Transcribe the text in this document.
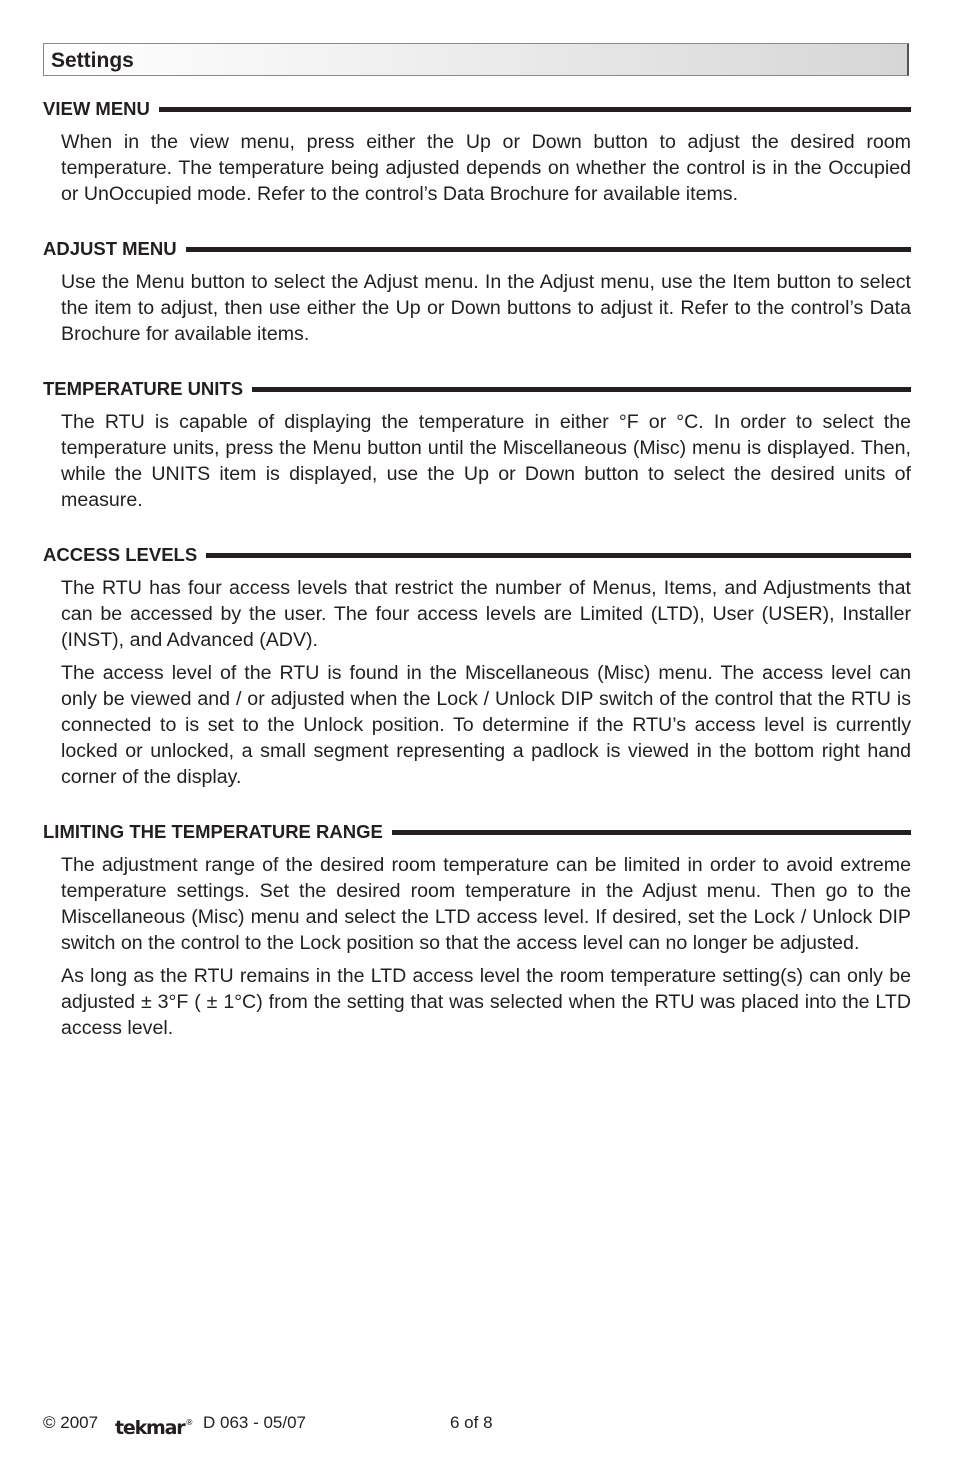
Settings
VIEW MENU

When in the view menu, press either the Up or Down button to adjust the desired room temperature. The temperature being adjusted depends on whether the control is in the Occupied or UnOccupied mode. Refer to the control’s Data Brochure for available items.

ADJUST MENU

Use the Menu button to select the Adjust menu. In the Adjust menu, use the Item button to select the item to adjust, then use either the Up or Down buttons to adjust it. Refer to the control’s Data Brochure for available items.

TEMPERATURE UNITS

The RTU is capable of displaying the temperature in either °F or °C. In order to select the temperature units, press the Menu button until the Miscellaneous (Misc) menu is displayed. Then, while the UNITS item is displayed, use the Up or Down button to select the desired units of measure.

ACCESS LEVELS

The RTU has four access levels that restrict the number of Menus, Items, and Adjustments that can be accessed by the user. The four access levels are Limited (LTD), User (USER), Installer (INST), and Advanced (ADV).

The access level of the RTU is found in the Miscellaneous (Misc) menu. The access level can only be viewed and / or adjusted when the Lock / Unlock DIP switch of the control that the RTU is connected to is set to the Unlock position. To determine if the RTU’s access level is currently locked or unlocked, a small segment representing a padlock is viewed in the bottom right hand corner of the display.

LIMITING THE TEMPERATURE RANGE

The adjustment range of the desired room temperature can be limited in order to avoid extreme temperature settings. Set the desired room temperature in the Adjust menu. Then go to the Miscellaneous (Misc) menu and select the LTD access level. If desired, set the Lock / Unlock DIP switch on the control to the Lock position so that the access level can no longer be adjusted.

As long as the RTU remains in the LTD access level the room temperature setting(s) can only be adjusted ± 3°F ( ± 1°C) from the setting that was selected when the RTU was placed into the LTD access level.

© 2007 tekmar® D 063 - 05/07	6 of 8
